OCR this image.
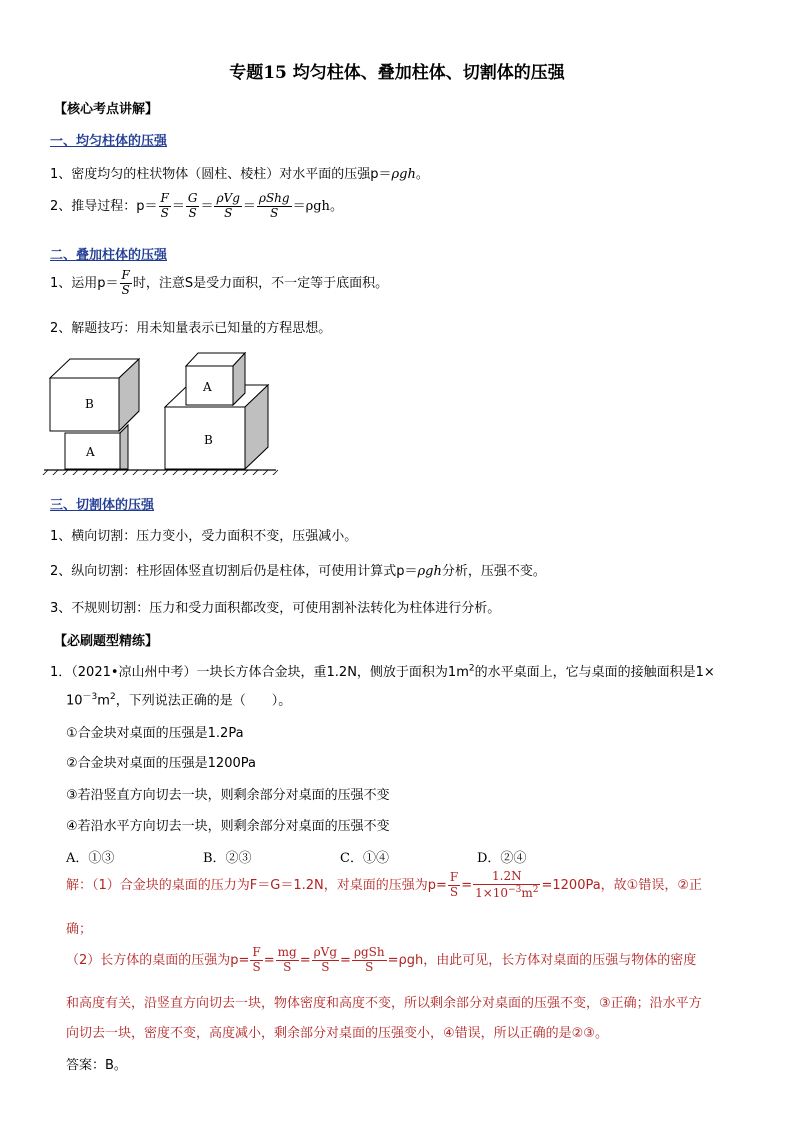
专题15 均匀柱体、叠加柱体、切割体的压强
【核心考点讲解】
一、均匀柱体的压强
1、密度均匀的柱状物体（圆柱、棱柱）对水平面的压强p＝ρgh。
2、推导过程：$p= \frac{F}{S} = \frac{G}{S} = \frac{\text{ρVg}}{S} = \frac{\text{ρShg}}{S} =\rho gh$。
二、叠加柱体的压强
1、运用$p= \frac{F}{S}$ 时，注意S是受力面积，不一定等于底面积。
2、解题技巧：用未知量表示已知量的方程思想。
B
A
A
B
三、切割体的压强
1、横向切割：压力变小，受力面积不变，压强减小。
2、纵向切割：柱形固体竖直切割后仍是柱体，可使用计算式p＝ρgh分析，压强不变。
3、不规则切割：压力和受力面积都改变，可使用割补法转化为柱体进行分析。
【必刷题型精练】
1．（2021•凉山州中考）一块长方体合金块，重1.2N，侧放于面积为$1m^2$的水平桌面上，它与桌面的接触面积是1×
$10^{-3}m^2$，下列说法正确的是（　　）。
①合金块对桌面的压强是1.2Pa
②合金块对桌面的压强是1200Pa
③若沿竖直方向切去一块，则剩余部分对桌面的压强不变
④若沿水平方向切去一块，则剩余部分对桌面的压强不变
A．①③	B．②③	C．①④	D．②④
解：（1）合金块的桌面的压力为F＝G＝1.2N，对桌面的压强为$p= \frac{F}{S} = \frac{1.2N}{1\times 10^{-3}m^2} =1200Pa$，故①错误，②正
确；
（2）长方体的桌面的压强为$p= \frac{F}{S} = \frac{mg}{S} = \frac{\text{ρVg}}{S} = \frac{\text{ρgSh}}{S} =\rho gh$，由此可见，长方体对桌面的压强与物体的密度
和高度有关，沿竖直方向切去一块，物体密度和高度不变，所以剩余部分对桌面的压强不变，③正确；沿水平方
向切去一块，密度不变，高度减小，剩余部分对桌面的压强变小，④错误，所以正确的是②③。
答案：B。
